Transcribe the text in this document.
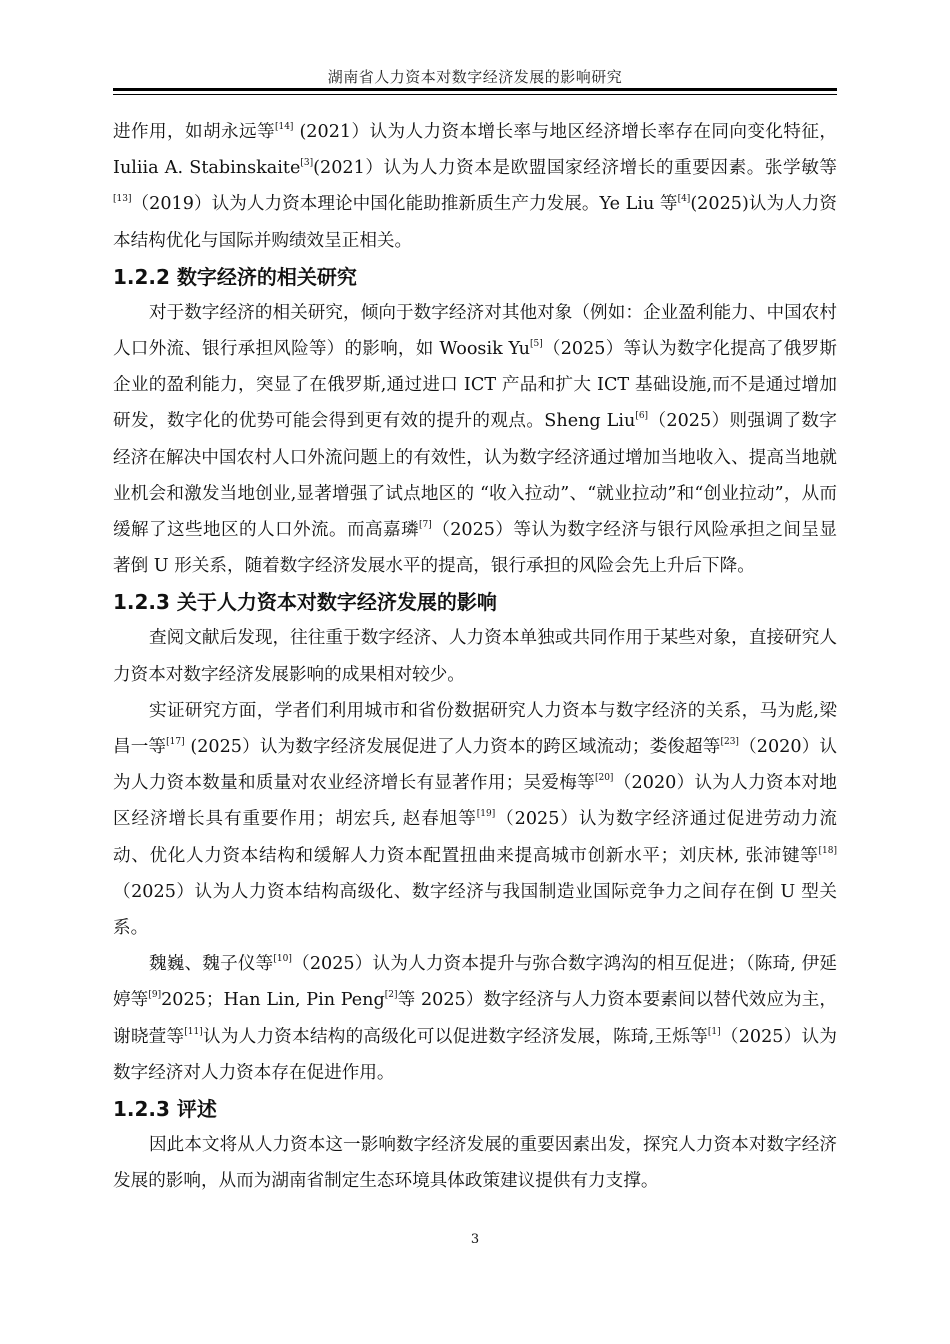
湖南省人力资本对数字经济发展的影响研究

进作用，如胡永远等[14] (2021）认为人力资本增长率与地区经济增长率存在同向变化特征，Iuliia A. Stabinskaite[3](2021）认为人力资本是欧盟国家经济增长的重要因素。张学敏等[13]（2019）认为人力资本理论中国化能助推新质生产力发展。Ye Liu 等[4](2025)认为人力资本结构优化与国际并购绩效呈正相关。

1.2.2 数字经济的相关研究

对于数字经济的相关研究，倾向于数字经济对其他对象（例如：企业盈利能力、中国农村人口外流、银行承担风险等）的影响，如 Woosik Yu[5]（2025）等认为数字化提高了俄罗斯企业的盈利能力，突显了在俄罗斯,通过进口 ICT 产品和扩大 ICT 基础设施,而不是通过增加研发，数字化的优势可能会得到更有效的提升的观点。Sheng Liu[6]（2025）则强调了数字经济在解决中国农村人口外流问题上的有效性，认为数字经济通过增加当地收入、提高当地就业机会和激发当地创业,显著增强了试点地区的 “收入拉动”、“就业拉动”和“创业拉动”，从而缓解了这些地区的人口外流。而高嘉璘[7]（2025）等认为数字经济与银行风险承担之间呈显著倒 U 形关系，随着数字经济发展水平的提高，银行承担的风险会先上升后下降。

1.2.3 关于人力资本对数字经济发展的影响

查阅文献后发现，往往重于数字经济、人力资本单独或共同作用于某些对象，直接研究人力资本对数字经济发展影响的成果相对较少。

实证研究方面，学者们利用城市和省份数据研究人力资本与数字经济的关系，马为彪,梁昌一等[17] (2025）认为数字经济发展促进了人力资本的跨区域流动；娄俊超等[23]（2020）认为人力资本数量和质量对农业经济增长有显著作用；吴爱梅等[20]（2020）认为人力资本对地区经济增长具有重要作用；胡宏兵, 赵春旭等[19]（2025）认为数字经济通过促进劳动力流动、优化人力资本结构和缓解人力资本配置扭曲来提高城市创新水平；刘庆林, 张沛键等[18]（2025）认为人力资本结构高级化、数字经济与我国制造业国际竞争力之间存在倒 U 型关系。

魏巍、魏子仪等[10]（2025）认为人力资本提升与弥合数字鸿沟的相互促进；（陈琦, 伊延婷等[9]2025；Han Lin, Pin Peng[2]等 2025）数字经济与人力资本要素间以替代效应为主，谢晓萱等[11]认为人力资本结构的高级化可以促进数字经济发展，陈琦,王烁等[1]（2025）认为数字经济对人力资本存在促进作用。

1.2.3 评述

因此本文将从人力资本这一影响数字经济发展的重要因素出发，探究人力资本对数字经济发展的影响，从而为湖南省制定生态环境具体政策建议提供有力支撑。

3
